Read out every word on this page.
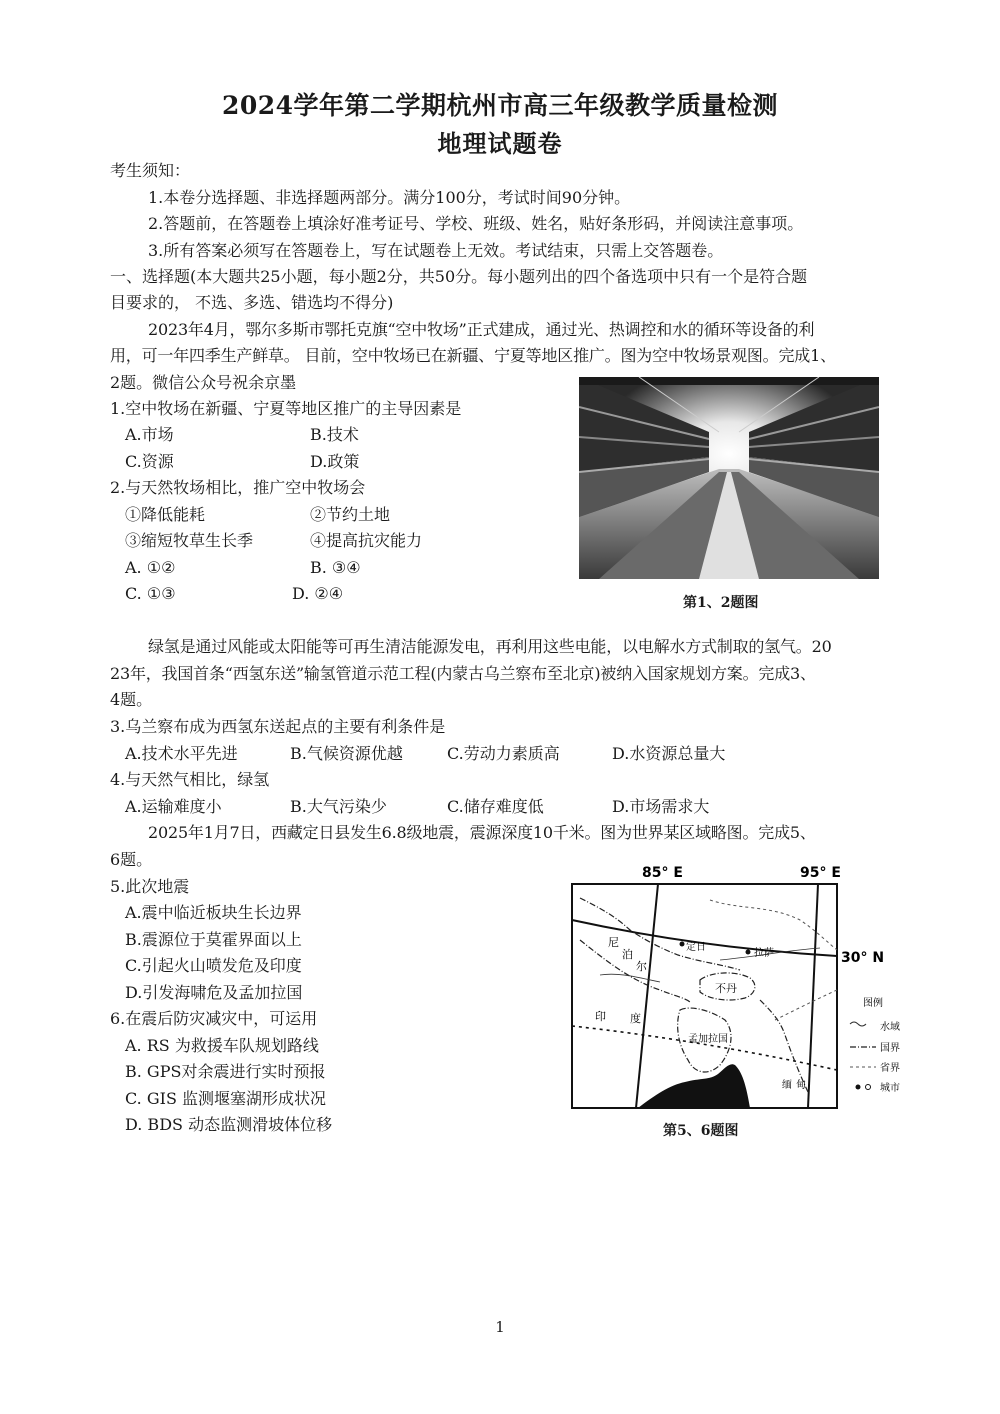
2024学年第二学期杭州市高三年级教学质量检测
地理试题卷
考生须知：
1.本卷分选择题、非选择题两部分。满分100分，考试时间90分钟。
2.答题前，在答题卷上填涂好准考证号、学校、班级、姓名，贴好条形码，并阅读注意事项。
3.所有答案必须写在答题卷上，写在试题卷上无效。考试结束，只需上交答题卷。
一、选择题(本大题共25小题，每小题2分，共50分。每小题列出的四个备选项中只有一个是符合题
目要求的， 不选、多选、错选均不得分)
2023年4月，鄂尔多斯市鄂托克旗“空中牧场”正式建成，通过光、热调控和水的循环等设备的利
用，可一年四季生产鲜草。 目前，空中牧场已在新疆、宁夏等地区推广。图为空中牧场景观图。完成1、
2题。微信公众号祝余京墨
1.空中牧场在新疆、宁夏等地区推广的主导因素是
A.市场	B.技术
C.资源	D.政策
2.与天然牧场相比，推广空中牧场会
①降低能耗	②节约土地
③缩短牧草生长季	④提高抗灾能力
A. ①②	B. ③④
C. ①③	D. ②④	第1、2题图
绿氢是通过风能或太阳能等可再生清洁能源发电，再利用这些电能，以电解水方式制取的氢气。20
23年，我国首条“西氢东送”输氢管道示范工程(内蒙古乌兰察布至北京)被纳入国家规划方案。完成3、
4题。
3.乌兰察布成为西氢东送起点的主要有利条件是
A.技术水平先进	B.气候资源优越	C.劳动力素质高	D.水资源总量大
4.与天然气相比，绿氢
A.运输难度小	B.大气污染少	C.储存难度低	D.市场需求大
2025年1月7日，西藏定日县发生6.8级地震，震源深度10千米。图为世界某区域略图。完成5、
6题。
5.此次地震
A.震中临近板块生长边界
B.震源位于莫霍界面以上
C.引起火山喷发危及印度
D.引发海啸危及孟加拉国
6.在震后防灾减灾中，可运用
A. RS 为救援车队规划路线
B. GPS对余震进行实时预报
C. GIS 监测堰塞湖形成状况
D. BDS 动态监测滑坡体位移
85° E	95° E
30° N
尼
泊
尔
定日
拉萨
不丹
印 度
孟加拉国
缅 甸
图例
水域
国界
省界
城市
第5、6题图
1
